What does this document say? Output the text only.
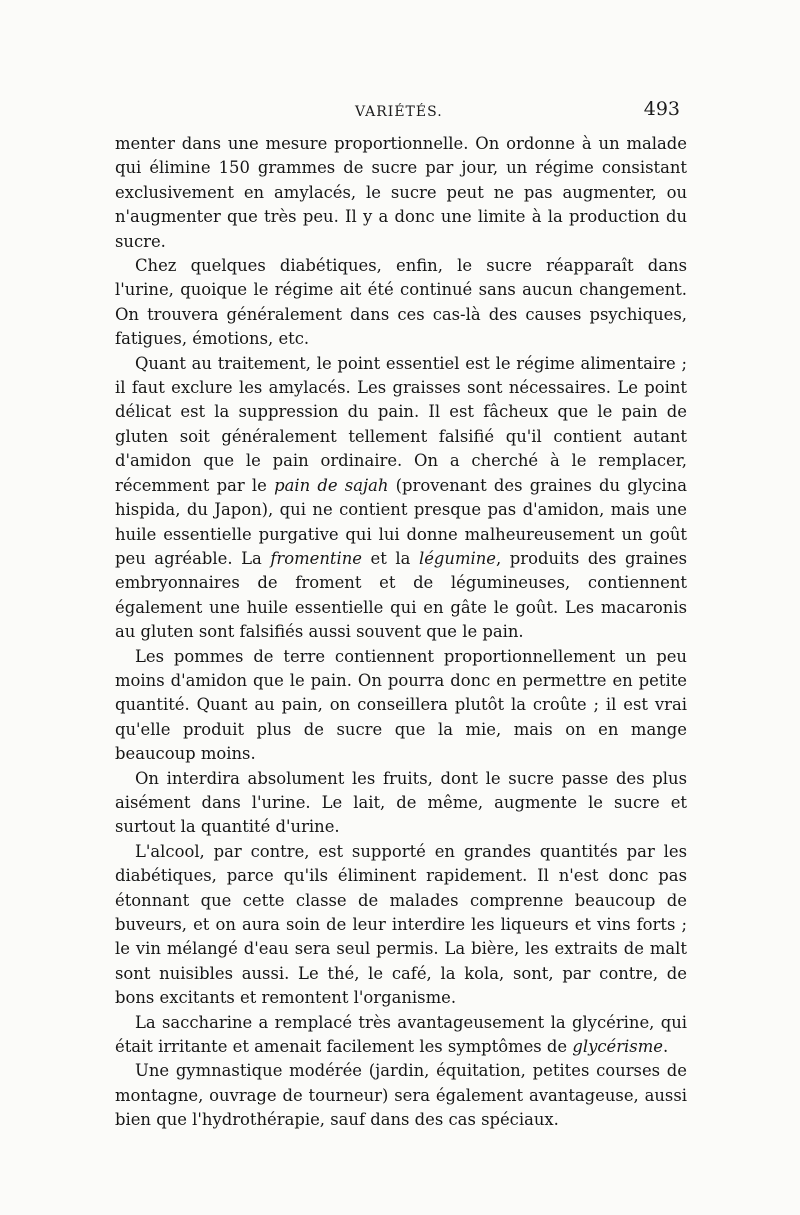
VARIÉTÉS.	493

menter dans une mesure proportionnelle. On ordonne à un malade qui élimine 150 grammes de sucre par jour, un régime consistant exclusivement en amylacés, le sucre peut ne pas augmenter, ou n'augmenter que très peu. Il y a donc une limite à la production du sucre.

Chez quelques diabétiques, enfin, le sucre réapparaît dans l'urine, quoique le régime ait été continué sans aucun changement. On trouvera généralement dans ces cas-là des causes psychiques, fatigues, émotions, etc.

Quant au traitement, le point essentiel est le régime alimentaire ; il faut exclure les amylacés. Les graisses sont nécessaires. Le point délicat est la suppression du pain. Il est fâcheux que le pain de gluten soit généralement tellement falsifié qu'il contient autant d'amidon que le pain ordinaire. On a cherché à le remplacer, récemment par le pain de sajah (provenant des graines du glycina hispida, du Japon), qui ne contient presque pas d'amidon, mais une huile essentielle purgative qui lui donne malheureusement un goût peu agréable. La fromentine et la légumine, produits des graines embryonnaires de froment et de légumineuses, contiennent également une huile essentielle qui en gâte le goût. Les macaronis au gluten sont falsifiés aussi souvent que le pain.

Les pommes de terre contiennent proportionnellement un peu moins d'amidon que le pain. On pourra donc en permettre en petite quantité. Quant au pain, on conseillera plutôt la croûte ; il est vrai qu'elle produit plus de sucre que la mie, mais on en mange beaucoup moins.

On interdira absolument les fruits, dont le sucre passe des plus aisément dans l'urine. Le lait, de même, augmente le sucre et surtout la quantité d'urine.

L'alcool, par contre, est supporté en grandes quantités par les diabétiques, parce qu'ils éliminent rapidement. Il n'est donc pas étonnant que cette classe de malades comprenne beaucoup de buveurs, et on aura soin de leur interdire les liqueurs et vins forts ; le vin mélangé d'eau sera seul permis. La bière, les extraits de malt sont nuisibles aussi. Le thé, le café, la kola, sont, par contre, de bons excitants et remontent l'organisme.

La saccharine a remplacé très avantageusement la glycérine, qui était irritante et amenait facilement les symptômes de glycérisme.

Une gymnastique modérée (jardin, équitation, petites courses de montagne, ouvrage de tourneur) sera également avantageuse, aussi bien que l'hydrothérapie, sauf dans des cas spéciaux.
